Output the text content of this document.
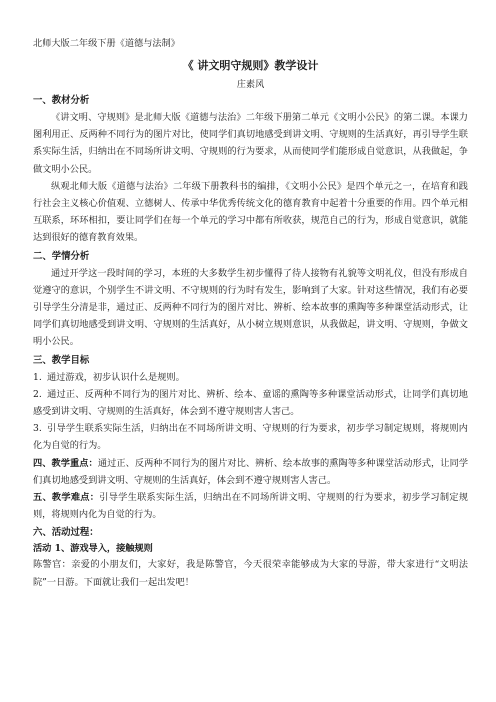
北师大版二年级下册《道德与法制》
《 讲文明守规则》教学设计
庄素风
一、教材分析

《讲文明、守规则》是北师大版《道德与法治》二年级下册第二单元《文明小公民》的第二课。本课力图利用正、反两种不同行为的图片对比，使同学们真切地感受到讲文明、守规则的生活真好，再引导学生联系实际生活，归纳出在不同场所讲文明、守规则的行为要求，从而使同学们能形成自觉意识，从我做起，争做文明小公民。

纵观北师大版《道德与法治》二年级下册教科书的编排，《文明小公民》是四个单元之一，在培育和践行社会主义核心价值观、立德树人、传承中华优秀传统文化的德育教育中起着十分重要的作用。四个单元相互联系，环环相扣，要让同学们在每一个单元的学习中都有所收获，规范自己的行为，形成自觉意识，就能达到很好的德育教育效果。

二、学情分析

通过开学这一段时间的学习，本班的大多数学生初步懂得了待人接物有礼貌等文明礼仪，但没有形成自觉遵守的意识，个别学生不讲文明、不守规则的行为时有发生，影响到了大家。针对这些情况，我们有必要引导学生分清是非，通过正、反两种不同行为的图片对比、辨析、绘本故事的熏陶等多种课堂活动形式，让同学们真切地感受到讲文明、守规则的生活真好，从小树立规则意识，从我做起，讲文明、守规则，争做文明小公民。

三、教学目标
1. 通过游戏，初步认识什么是规则。
2. 通过正、反两种不同行为的图片对比、辨析、绘本、童谣的熏陶等多种课堂活动形式，让同学们真切地感受到讲文明、守规则的生活真好，体会到不遵守规则害人害己。
3. 引导学生联系实际生活，归纳出在不同场所讲文明、守规则的行为要求，初步学习制定规则，将规则内化为自觉的行为。

四、教学重点：通过正、反两种不同行为的图片对比、辨析、绘本故事的熏陶等多种课堂活动形式，让同学们真切地感受到讲文明、守规则的生活真好，体会到不遵守规则害人害己。

五、教学难点：引导学生联系实际生活，归纳出在不同场所讲文明、守规则的行为要求，初步学习制定规则，将规则内化为自觉的行为。

六、活动过程：
活动 1、游戏导入，接触规则

陈警官：亲爱的小朋友们，大家好，我是陈警官，今天很荣幸能够成为大家的导游，带大家进行“文明法院”一日游。下面就让我们一起出发吧！
